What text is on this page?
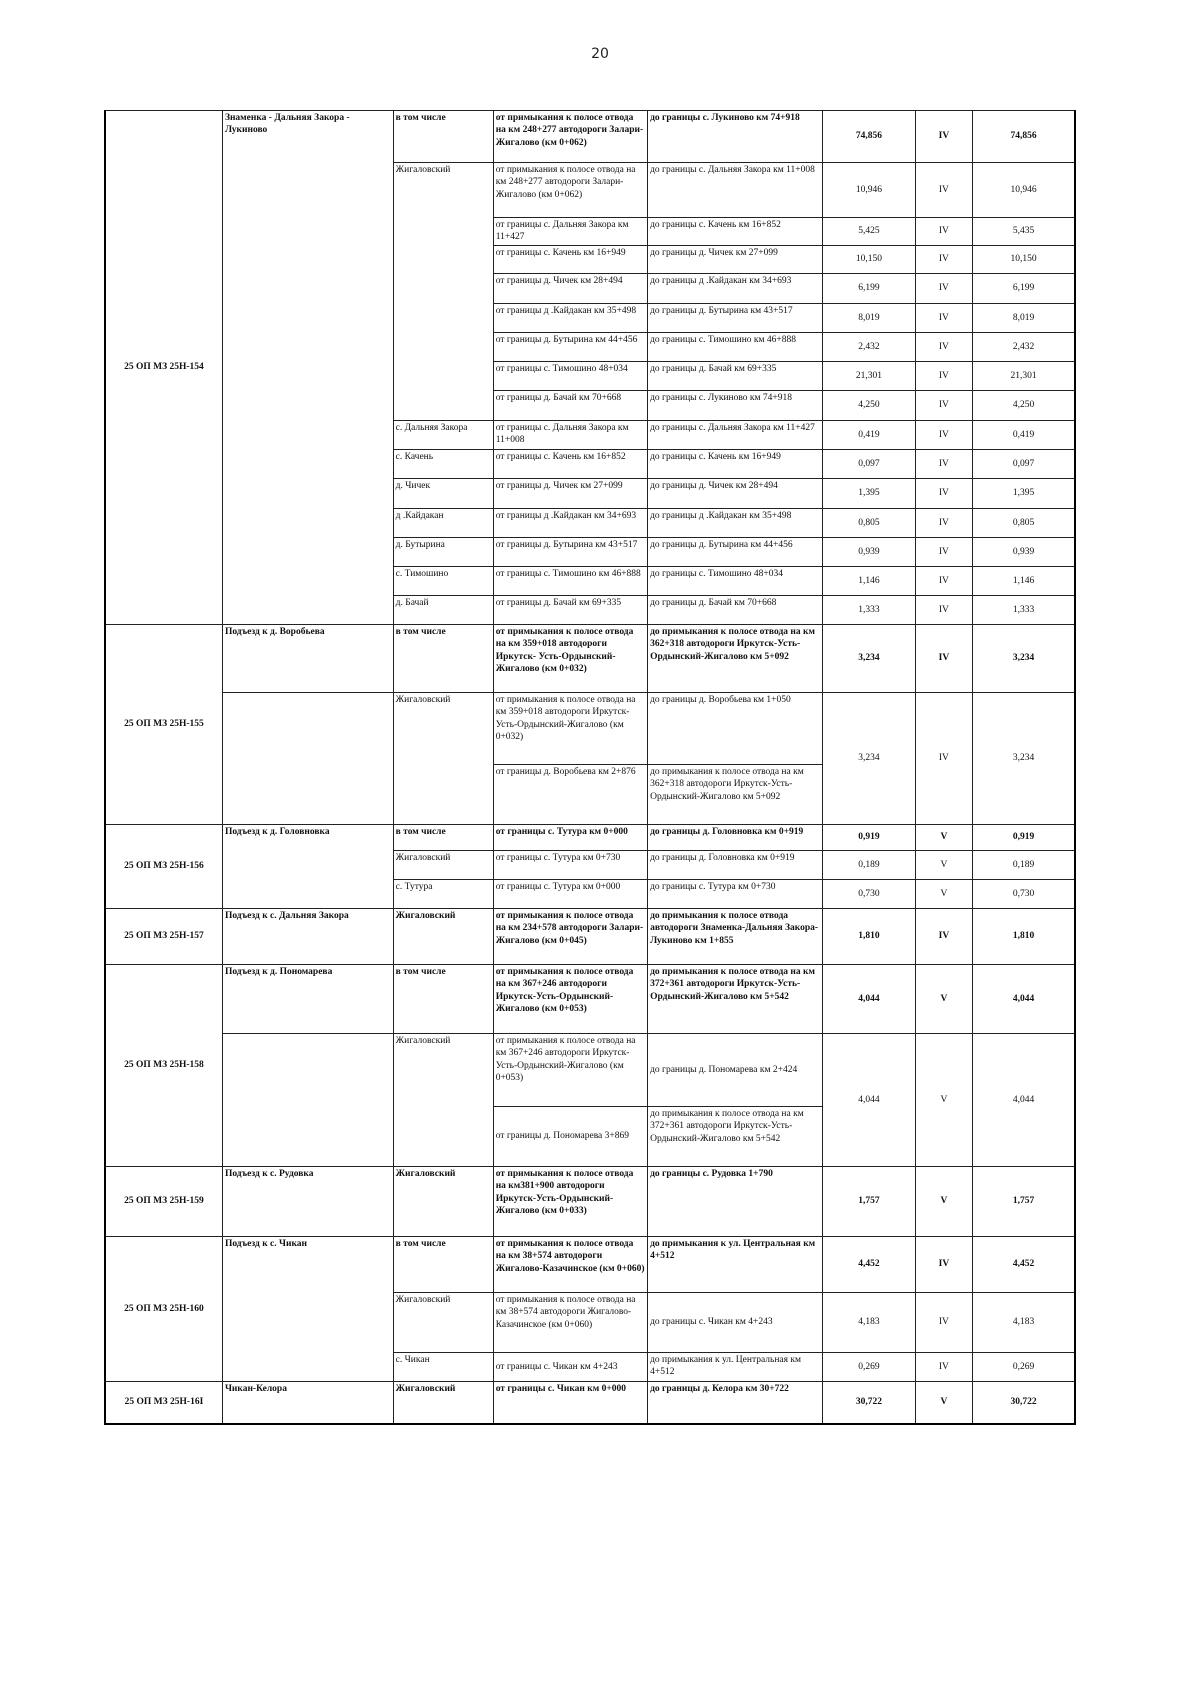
20
25 ОП МЗ 25Н-154	Знаменка - Дальняя Закора - Лукиново	в том числе	от примыкания к полосе отвода на км 248+277 автодороги Залари-Жигалово (км 0+062)	до границы с. Лукиново км 74+918	74,856	IV	74,856
		Жигаловский	от примыкания к полосе отвода на км 248+277 автодороги Залари-Жигалово (км 0+062)	до границы с. Дальняя Закора км 11+008	10,946	IV	10,946
			от границы с. Дальняя Закора км 11+427	до границы с. Качень км 16+852	5,425	IV	5,435
			от границы с. Качень км 16+949	до границы д. Чичек км 27+099	10,150	IV	10,150
			от границы д. Чичек км 28+494	до границы д .Кайдакан км 34+693	6,199	IV	6,199
			от границы д .Кайдакан км 35+498	до границы д. Бутырина км 43+517	8,019	IV	8,019
			от границы д. Бутырина км 44+456	до границы с. Тимошино км 46+888	2,432	IV	2,432
			от границы с. Тимошино 48+034	до границы д. Бачай км 69+335	21,301	IV	21,301
			от границы д. Бачай км 70+668	до границы с. Лукиново км 74+918	4,250	IV	4,250
		с. Дальняя Закора	от границы с. Дальняя Закора км 11+008	до границы с. Дальняя Закора км 11+427	0,419	IV	0,419
		с. Качень	от границы с. Качень км 16+852	до границы с. Качень км 16+949	0,097	IV	0,097
		д. Чичек	от границы д. Чичек км 27+099	до границы д. Чичек км 28+494	1,395	IV	1,395
		д .Кайдакан	от границы д .Кайдакан км 34+693	до границы д .Кайдакан км 35+498	0,805	IV	0,805
		д. Бутырина	от границы д. Бутырина км 43+517	до границы д. Бутырина км 44+456	0,939	IV	0,939
		с. Тимошино	от границы с. Тимошино км 46+888	до границы с. Тимошино 48+034	1,146	IV	1,146
		д. Бачай	от границы д. Бачай км 69+335	до границы д. Бачай км 70+668	1,333	IV	1,333
25 ОП МЗ 25Н-155	Подъезд к д. Воробьева	в том числе	от примыкания к полосе отвода на км 359+018 автодороги Иркутск- Усть-Ордынский-Жигалово (км 0+032)	до примыкания к полосе отвода на км 362+318 автодороги Иркутск-Усть-Ордынский-Жигалово км 5+092	3,234	IV	3,234
		Жигаловский	от примыкания к полосе отвода на км 359+018 автодороги Иркутск- Усть-Ордынский-Жигалово (км 0+032)	до границы д. Воробьева км 1+050	3,234	IV	3,234
			от границы д. Воробьева км 2+876	до примыкания к полосе отвода на км 362+318 автодороги Иркутск-Усть-Ордынский-Жигалово км 5+092			
25 ОП МЗ 25Н-156	Подъезд к д. Головновка	в том числе	от границы с. Тутура км 0+000	до границы д. Головновка км 0+919	0,919	V	0,919
		Жигаловский	от границы с. Тутура км 0+730	до границы д. Головновка км 0+919	0,189	V	0,189
		с. Тутура	от границы с. Тутура км 0+000	до границы с. Тутура км 0+730	0,730	V	0,730
25 ОП МЗ 25Н-157	Подъезд к с. Дальняя Закора	Жигаловский	от примыкания к полосе отвода на км 234+578 автодороги Залари-Жигалово (км 0+045)	до примыкания к полосе отвода автодороги Знаменка-Дальняя Закора-Лукиново км 1+855	1,810	IV	1,810
25 ОП МЗ 25Н-158	Подъезд к д. Пономарева	в том числе	от примыкания к полосе отвода на км 367+246 автодороги Иркутск-Усть-Ордынский-Жигалово (км 0+053)	до примыкания к полосе отвода на км 372+361 автодороги Иркутск-Усть-Ордынский-Жигалово км 5+542	4,044	V	4,044
		Жигаловский	от примыкания к полосе отвода на км 367+246 автодороги Иркутск-Усть-Ордынский-Жигалово (км 0+053)	до границы д. Пономарева км 2+424	4,044	V	4,044
			от границы д. Пономарева 3+869	до примыкания к полосе отвода на км 372+361 автодороги Иркутск-Усть-Ордынский-Жигалово км 5+542			
25 ОП МЗ 25Н-159	Подъезд к с. Рудовка	Жигаловский	от примыкания к полосе отвода на км381+900 автодороги Иркутск-Усть-Ордынский-Жигалово (км 0+033)	до границы с. Рудовка 1+790	1,757	V	1,757
25 ОП МЗ 25Н-160	Подъезд к с. Чикан	в том числе	от примыкания к полосе отвода на км 38+574 автодороги Жигалово-Казачинское (км 0+060)	до примыкания к ул. Центральная км 4+512	4,452	IV	4,452
		Жигаловский	от примыкания к полосе отвода на км 38+574 автодороги Жигалово-Казачинское (км 0+060)	до границы с. Чикан км 4+243	4,183	IV	4,183
		с. Чикан	от границы с. Чикан км 4+243	до примыкания к ул. Центральная км 4+512	0,269	IV	0,269
25 ОП МЗ 25Н-16I	Чикан-Келора	Жигаловский	от границы с. Чикан км 0+000	до границы д. Келора км 30+722	30,722	V	30,722
